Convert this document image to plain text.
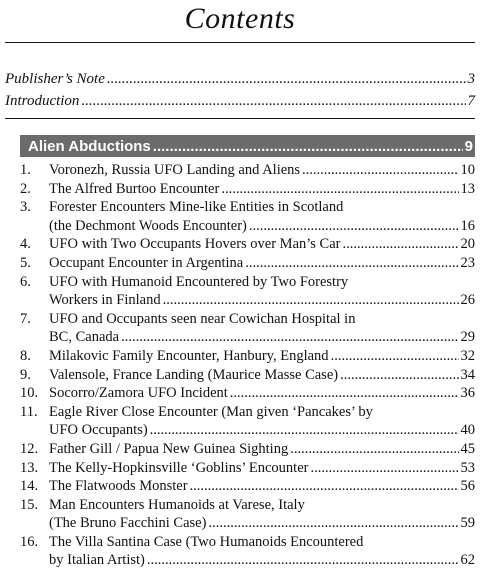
Contents
Publisher’s Note .....	3
Introduction .....	7
Alien Abductions .....	9
1.	Voronezh, Russia UFO Landing and Aliens .....	10
2.	The Alfred Burtoo Encounter .....	13
3.	Forester Encounters Mine-like Entities in Scotland
(the Dechmont Woods Encounter) .....	16
4.	UFO with Two Occupants Hovers over Man’s Car .....	20
5.	Occupant Encounter in Argentina .....	23
6.	UFO with Humanoid Encountered by Two Forestry
Workers in Finland .....	26
7.	UFO and Occupants seen near Cowichan Hospital in
BC, Canada .....	29
8.	Milakovic Family Encounter, Hanbury, England .....	32
9.	Valensole, France Landing (Maurice Masse Case) .....	34
10. Socorro/Zamora UFO Incident .....	36
11. Eagle River Close Encounter (Man given ‘Pancakes’ by
UFO Occupants) .....	40
12. Father Gill / Papua New Guinea Sighting .....	45
13. The Kelly-Hopkinsville ‘Goblins’ Encounter .....	53
14. The Flatwoods Monster .....	56
15. Man Encounters Humanoids at Varese, Italy
(The Bruno Facchini Case) .....	59
16. The Villa Santina Case (Two Humanoids Encountered
by Italian Artist) .....	62
